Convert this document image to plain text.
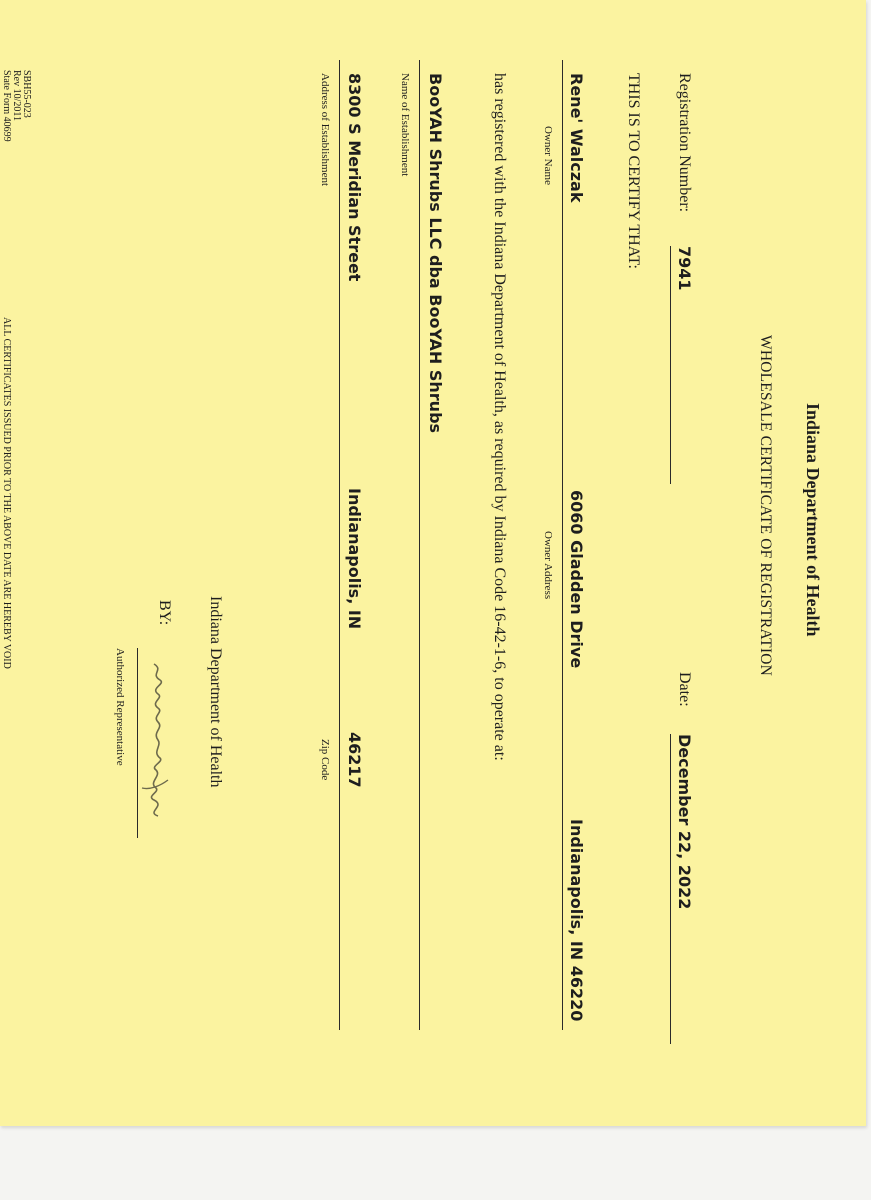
Indiana Department of Health
WHOLESALE CERTIFICATE OF REGISTRATION
Registration Number:
7941
Date:
December 22, 2022
THIS IS TO CERTIFY THAT:
Rene' Walczak
6060 Gladden Drive
Indianapolis, IN 46220
Owner Name
Owner Address
has registered with the Indiana Department of Health, as required by Indiana Code 16-42-1-6, to operate at:
BooYAH Shrubs LLC dba BooYAH Shrubs
Name of Establishment
8300 S Meridian Street
Indianapolis, IN
46217
Address of Establishment
Zip Code
Indiana Department of Health
BY:
Authorized Representative
SBH55-023
Rev 10/2011
State Form 40699
ALL CERTIFICATES ISSUED PRIOR TO THE ABOVE DATE ARE HEREBY VOID
